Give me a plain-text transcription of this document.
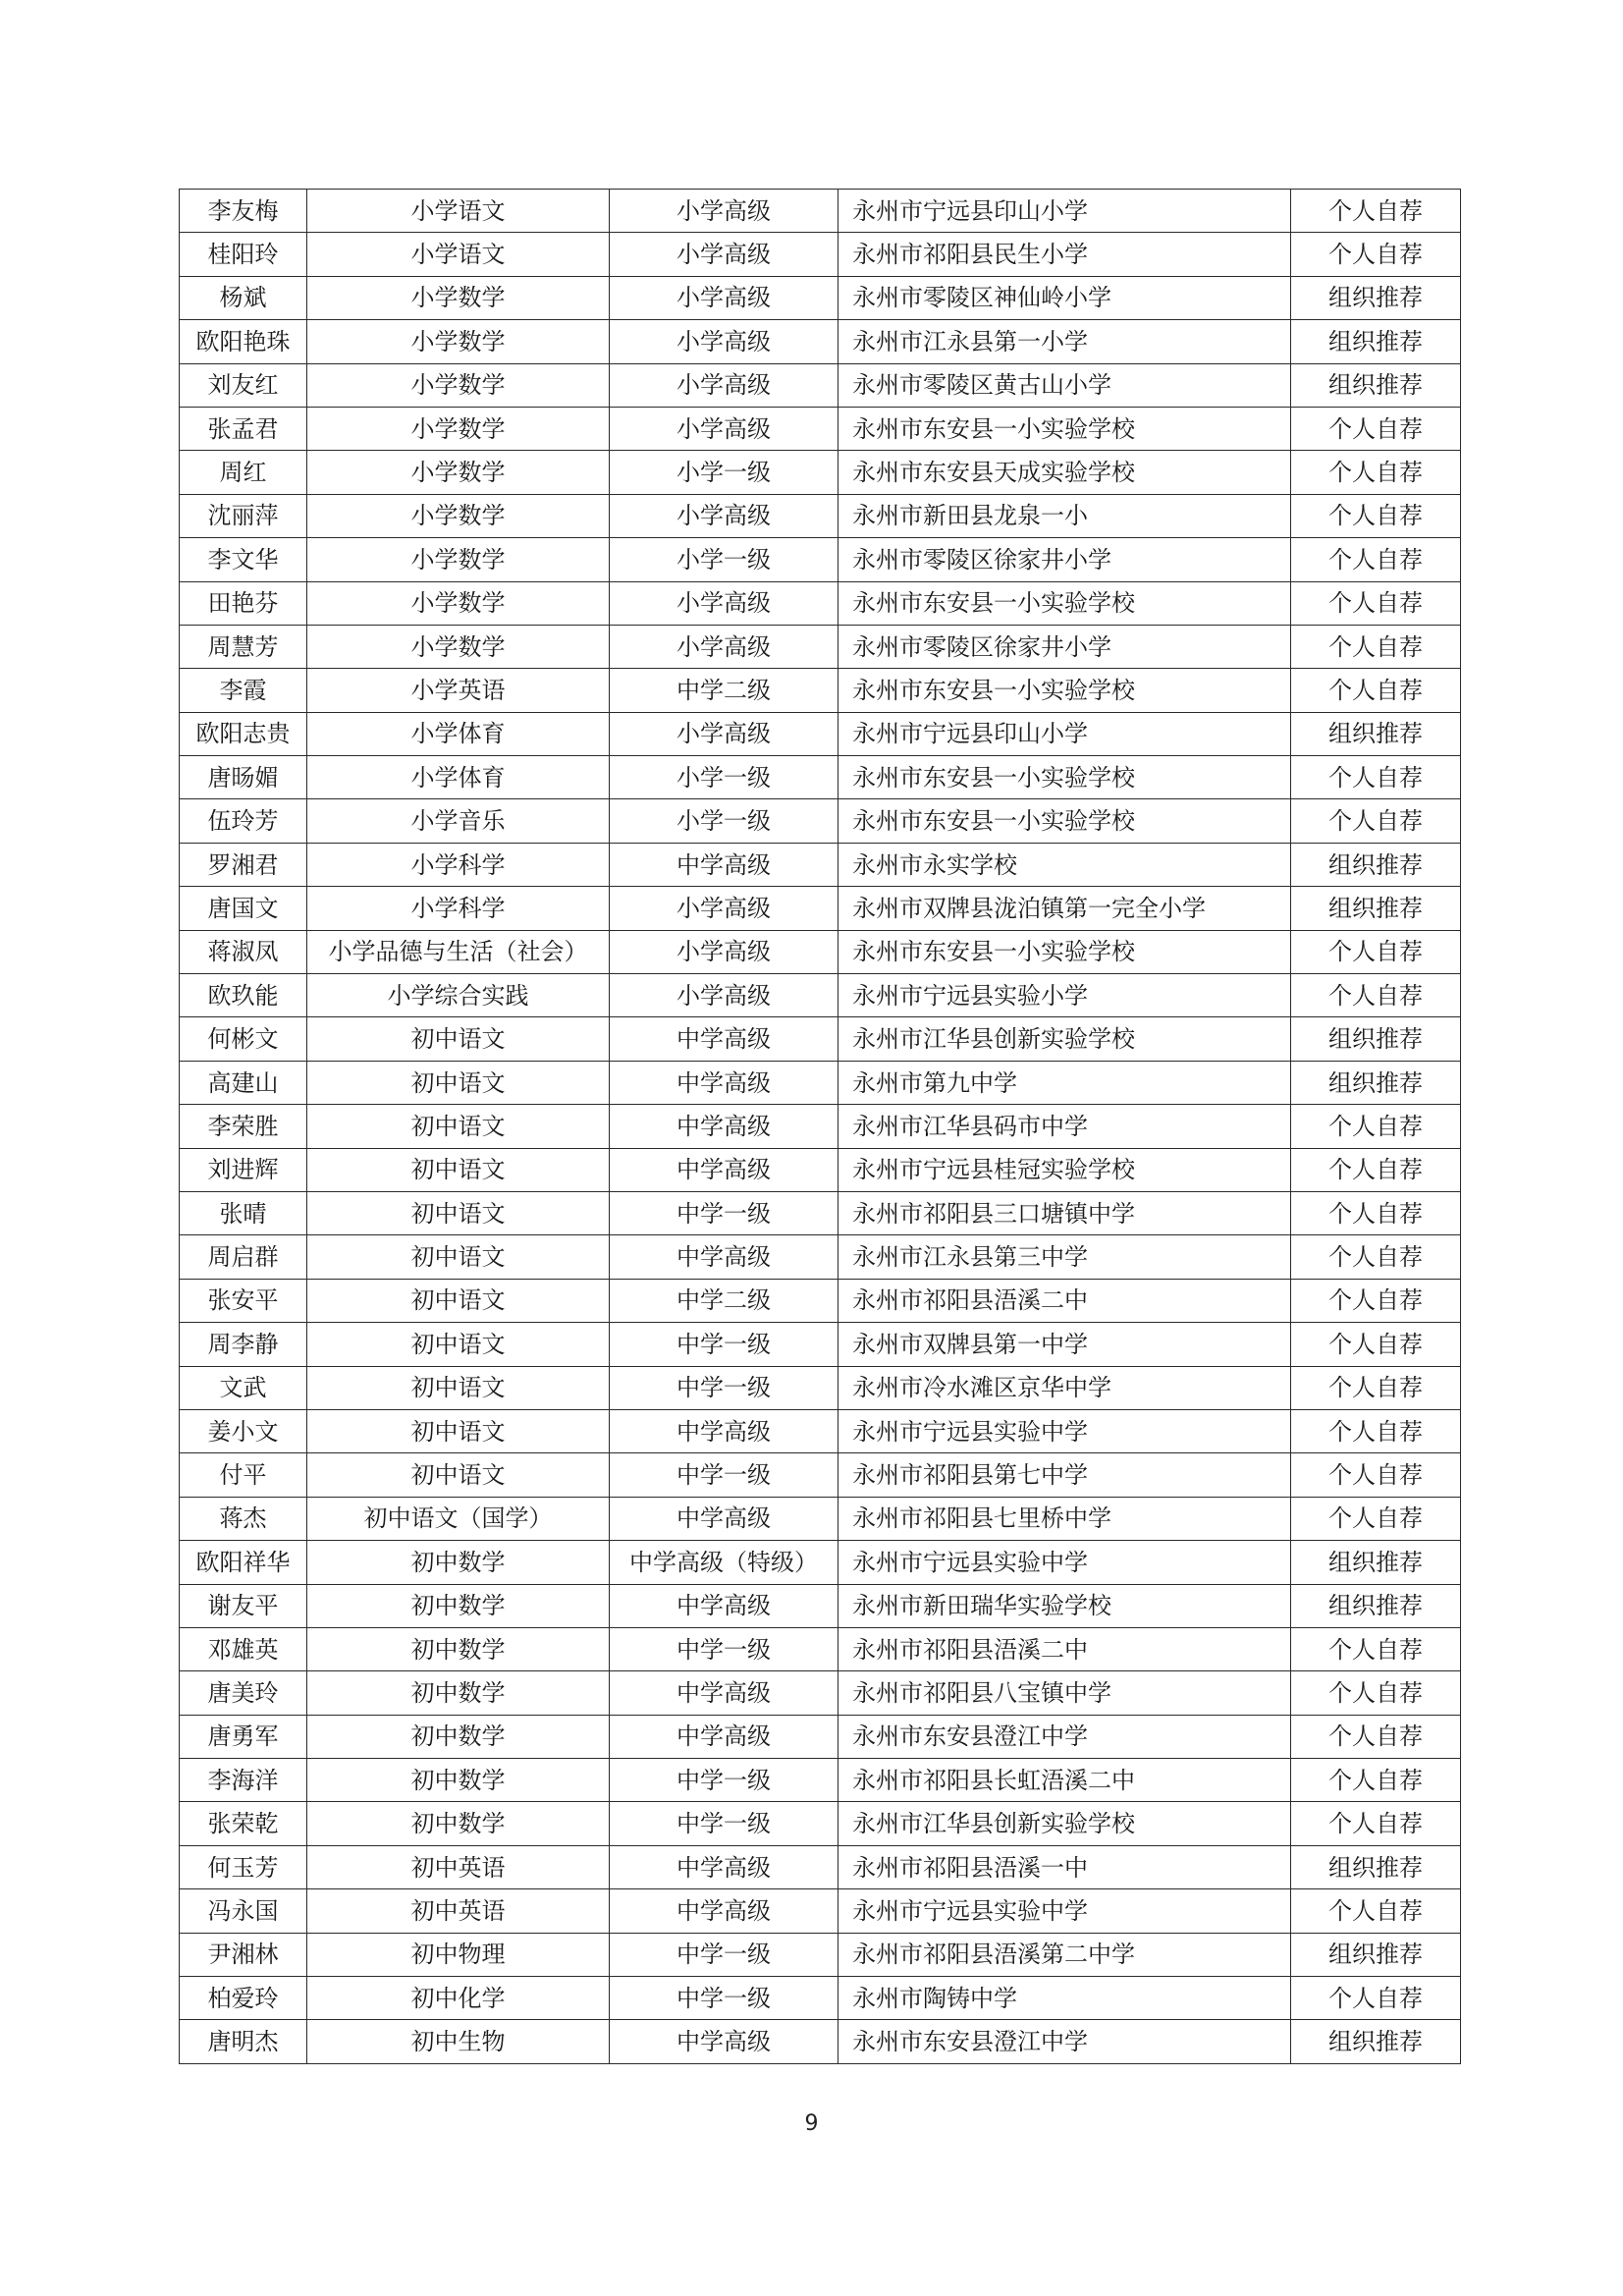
李友梅	小学语文	小学高级	永州市宁远县印山小学	个人自荐
桂阳玲	小学语文	小学高级	永州市祁阳县民生小学	个人自荐
杨斌	小学数学	小学高级	永州市零陵区神仙岭小学	组织推荐
欧阳艳珠	小学数学	小学高级	永州市江永县第一小学	组织推荐
刘友红	小学数学	小学高级	永州市零陵区黄古山小学	组织推荐
张孟君	小学数学	小学高级	永州市东安县一小实验学校	个人自荐
周红	小学数学	小学一级	永州市东安县天成实验学校	个人自荐
沈丽萍	小学数学	小学高级	永州市新田县龙泉一小	个人自荐
李文华	小学数学	小学一级	永州市零陵区徐家井小学	个人自荐
田艳芬	小学数学	小学高级	永州市东安县一小实验学校	个人自荐
周慧芳	小学数学	小学高级	永州市零陵区徐家井小学	个人自荐
李霞	小学英语	中学二级	永州市东安县一小实验学校	个人自荐
欧阳志贵	小学体育	小学高级	永州市宁远县印山小学	组织推荐
唐旸媚	小学体育	小学一级	永州市东安县一小实验学校	个人自荐
伍玲芳	小学音乐	小学一级	永州市东安县一小实验学校	个人自荐
罗湘君	小学科学	中学高级	永州市永实学校	组织推荐
唐国文	小学科学	小学高级	永州市双牌县泷泊镇第一完全小学	组织推荐
蒋淑凤	小学品德与生活（社会）	小学高级	永州市东安县一小实验学校	个人自荐
欧玖能	小学综合实践	小学高级	永州市宁远县实验小学	个人自荐
何彬文	初中语文	中学高级	永州市江华县创新实验学校	组织推荐
高建山	初中语文	中学高级	永州市第九中学	组织推荐
李荣胜	初中语文	中学高级	永州市江华县码市中学	个人自荐
刘进辉	初中语文	中学高级	永州市宁远县桂冠实验学校	个人自荐
张晴	初中语文	中学一级	永州市祁阳县三口塘镇中学	个人自荐
周启群	初中语文	中学高级	永州市江永县第三中学	个人自荐
张安平	初中语文	中学二级	永州市祁阳县浯溪二中	个人自荐
周李静	初中语文	中学一级	永州市双牌县第一中学	个人自荐
文武	初中语文	中学一级	永州市冷水滩区京华中学	个人自荐
姜小文	初中语文	中学高级	永州市宁远县实验中学	个人自荐
付平	初中语文	中学一级	永州市祁阳县第七中学	个人自荐
蒋杰	初中语文（国学）	中学高级	永州市祁阳县七里桥中学	个人自荐
欧阳祥华	初中数学	中学高级（特级）	永州市宁远县实验中学	组织推荐
谢友平	初中数学	中学高级	永州市新田瑞华实验学校	组织推荐
邓雄英	初中数学	中学一级	永州市祁阳县浯溪二中	个人自荐
唐美玲	初中数学	中学高级	永州市祁阳县八宝镇中学	个人自荐
唐勇军	初中数学	中学高级	永州市东安县澄江中学	个人自荐
李海洋	初中数学	中学一级	永州市祁阳县长虹浯溪二中	个人自荐
张荣乾	初中数学	中学一级	永州市江华县创新实验学校	个人自荐
何玉芳	初中英语	中学高级	永州市祁阳县浯溪一中	组织推荐
冯永国	初中英语	中学高级	永州市宁远县实验中学	个人自荐
尹湘林	初中物理	中学一级	永州市祁阳县浯溪第二中学	组织推荐
柏爱玲	初中化学	中学一级	永州市陶铸中学	个人自荐
唐明杰	初中生物	中学高级	永州市东安县澄江中学	组织推荐
9
